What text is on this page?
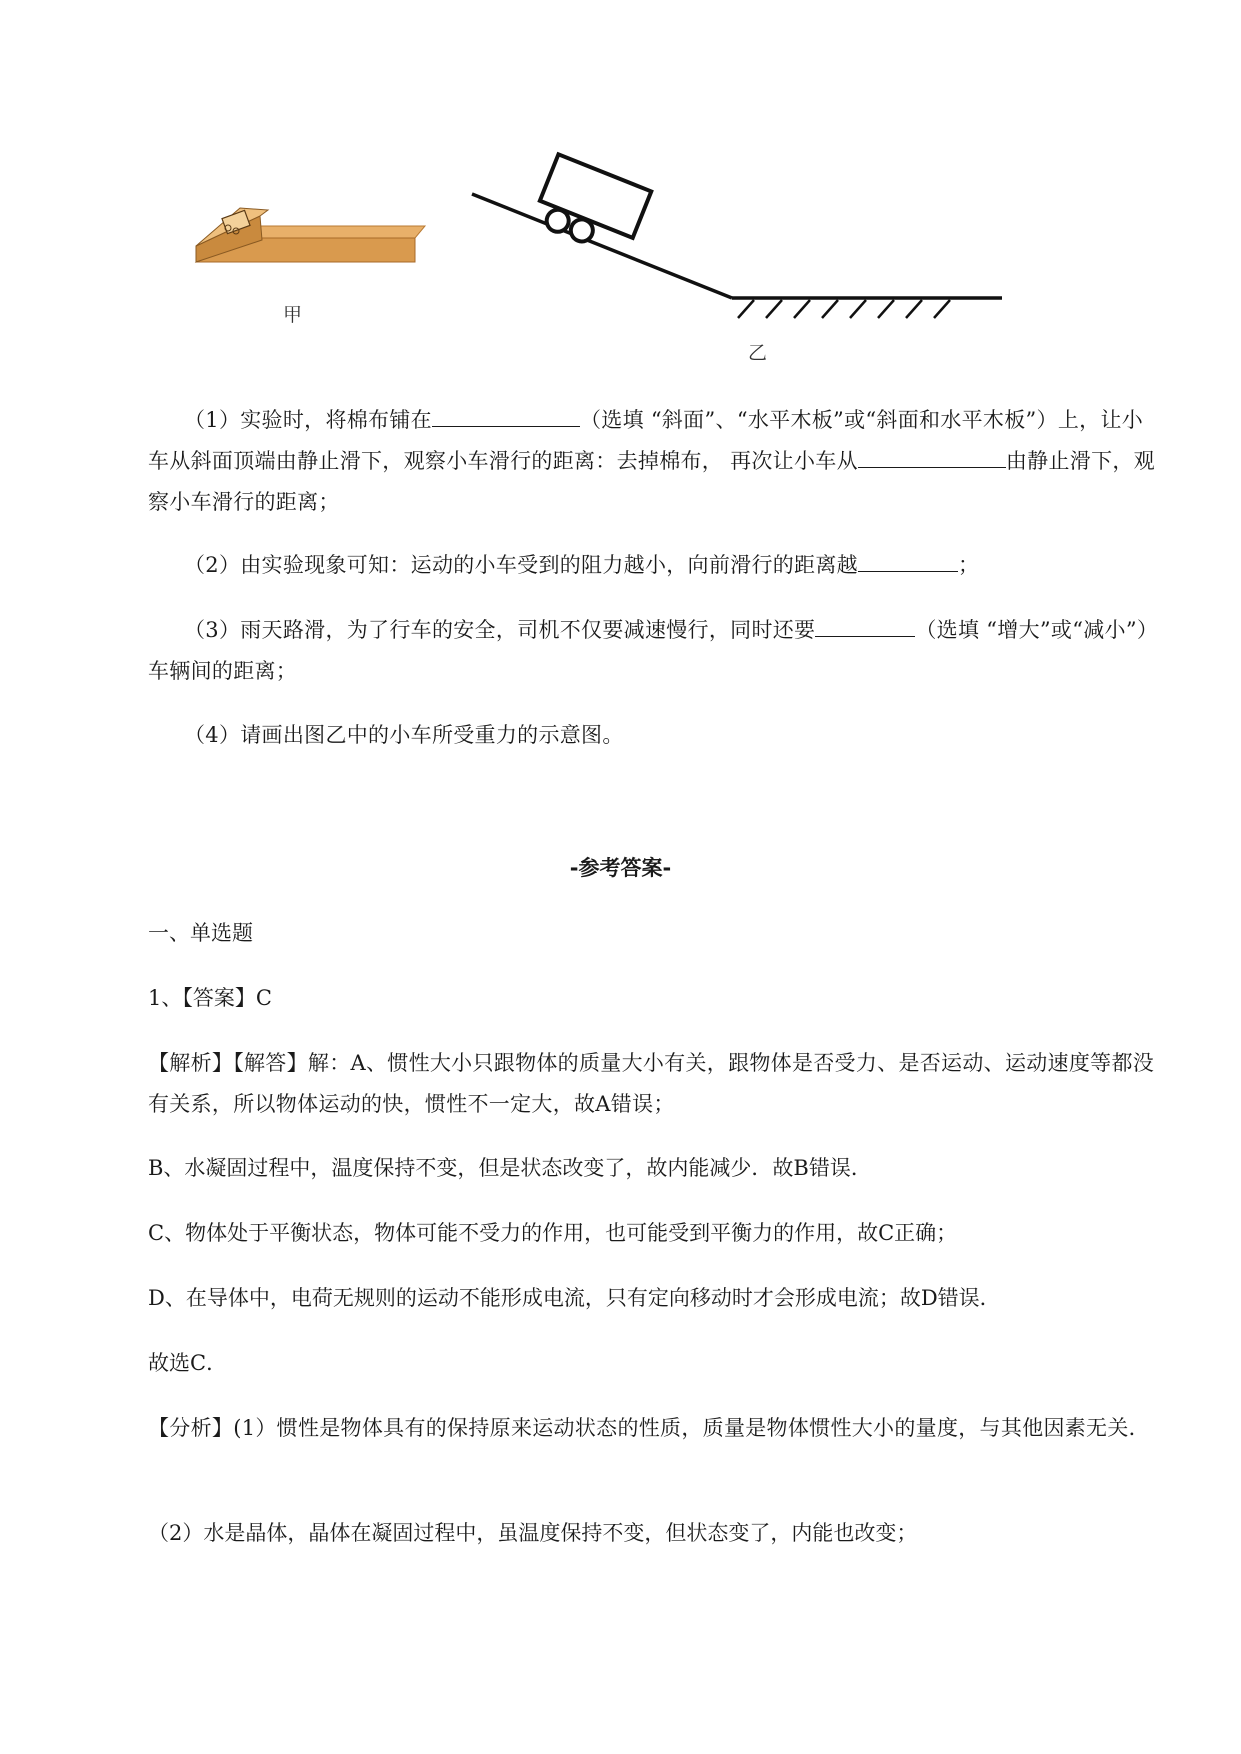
甲
乙

（1）实验时，将棉布铺在	（选填 “斜面”、“水平木板”或“斜面和水平木板”）上，让小车从斜面顶端由静止滑下，观察小车滑行的距离：去掉棉布， 再次让小车从	由静止滑下，观察小车滑行的距离；

（2）由实验现象可知：运动的小车受到的阻力越小，向前滑行的距离越	；

（3）雨天路滑，为了行车的安全，司机不仅要减速慢行，同时还要	（选填 “增大”或“减小”）车辆间的距离；

（4）请画出图乙中的小车所受重力的示意图。

-参考答案-
一、单选题
1、【答案】C

【解析】【解答】解：A、惯性大小只跟物体的质量大小有关，跟物体是否受力、是否运动、运动速度等都没有关系，所以物体运动的快，惯性不一定大，故A错误；

B、水凝固过程中，温度保持不变，但是状态改变了，故内能减少．故B错误．
C、物体处于平衡状态，物体可能不受力的作用，也可能受到平衡力的作用，故C正确；
D、在导体中，电荷无规则的运动不能形成电流，只有定向移动时才会形成电流；故D错误．
故选C．

【分析】(1）惯性是物体具有的保持原来运动状态的性质，质量是物体惯性大小的量度，与其他因素无关．

（2）水是晶体，晶体在凝固过程中，虽温度保持不变，但状态变了，内能也改变；
